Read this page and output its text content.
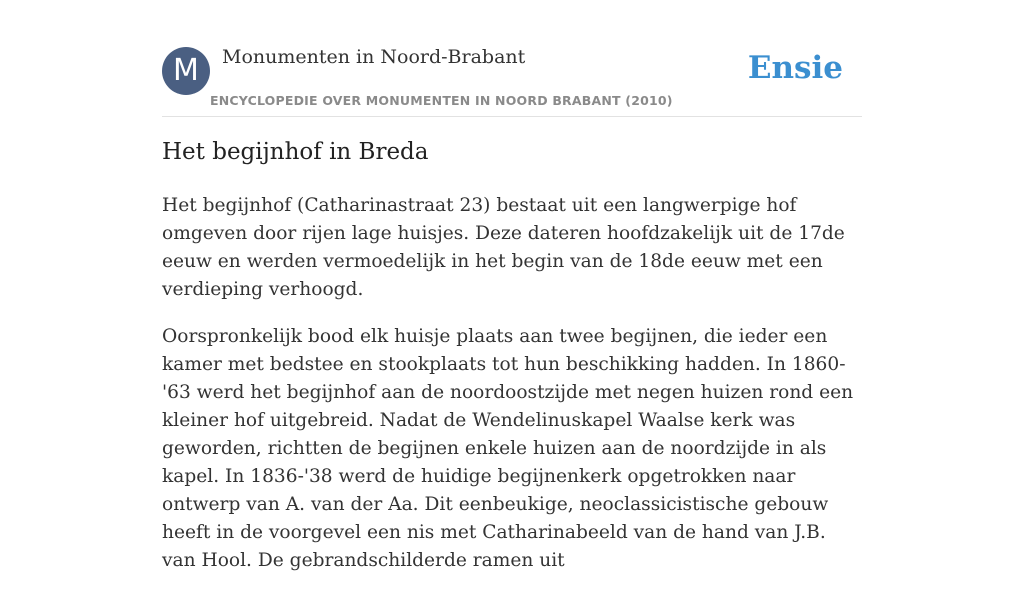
M	Monumenten in Noord-Brabant
ENCYCLOPEDIE OVER MONUMENTEN IN NOORD BRABANT (2010)
Ensie
Het begijnhof in Breda

Het begijnhof (Catharinastraat 23) bestaat uit een langwerpige hof omgeven door rijen lage huisjes. Deze dateren hoofdzakelijk uit de 17de eeuw en werden vermoedelijk in het begin van de 18de eeuw met een verdieping verhoogd.

Oorspronkelijk bood elk huisje plaats aan twee begijnen, die ieder een kamer met bedstee en stookplaats tot hun beschikking hadden. In 1860-'63 werd het begijnhof aan de noordoostzijde met negen huizen rond een kleiner hof uitgebreid. Nadat de Wendelinuskapel Waalse kerk was geworden, richtten de begijnen enkele huizen aan de noordzijde in als kapel. In 1836-'38 werd de huidige begijnenkerk opgetrokken naar ontwerp van A. van der Aa. Dit eenbeukige, neoclassicistische gebouw heeft in de voorgevel een nis met Catharinabeeld van de hand van J.B. van Hool. De gebrandschilderde ramen uit
